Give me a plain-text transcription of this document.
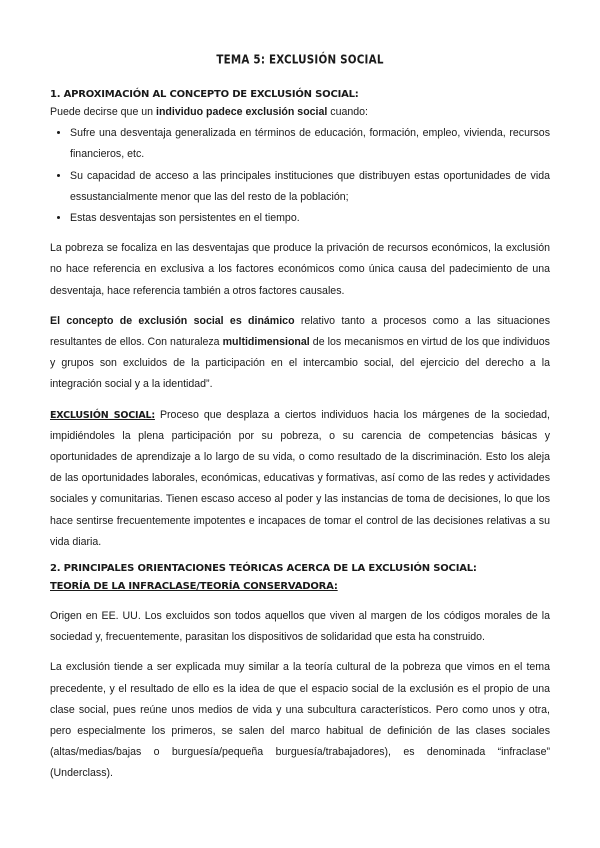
TEMA 5: EXCLUSIÓN SOCIAL
1. APROXIMACIÓN AL CONCEPTO DE EXCLUSIÓN SOCIAL:

Puede decirse que un individuo padece exclusión social cuando:

• Sufre una desventaja generalizada en términos de educación, formación, empleo, vivienda, recursos financieros, etc.
• Su capacidad de acceso a las principales instituciones que distribuyen estas oportunidades de vida essustancialmente menor que las del resto de la población;
• Estas desventajas son persistentes en el tiempo.

La pobreza se focaliza en las desventajas que produce la privación de recursos económicos, la exclusión no hace referencia en exclusiva a los factores económicos como única causa del padecimiento de una desventaja, hace referencia también a otros factores causales.

El concepto de exclusión social es dinámico relativo tanto a procesos como a las situaciones resultantes de ellos. Con naturaleza multidimensional de los mecanismos en virtud de los que individuos y grupos son excluidos de la participación en el intercambio social, del ejercicio del derecho a la integración social y a la identidad”.

EXCLUSIÓN SOCIAL: Proceso que desplaza a ciertos individuos hacia los márgenes de la sociedad, impidiéndoles la plena participación por su pobreza, o su carencia de competencias básicas y oportunidades de aprendizaje a lo largo de su vida, o como resultado de la discriminación. Esto los aleja de las oportunidades laborales, económicas, educativas y formativas, así como de las redes y actividades sociales y comunitarias. Tienen escaso acceso al poder y las instancias de toma de decisiones, lo que los hace sentirse frecuentemente impotentes e incapaces de tomar el control de las decisiones relativas a su vida diaria.

2. PRINCIPALES ORIENTACIONES TEÓRICAS ACERCA DE LA EXCLUSIÓN SOCIAL:
TEORÍA DE LA INFRACLASE/TEORÍA CONSERVADORA:

Origen en EE. UU. Los excluidos son todos aquellos que viven al margen de los códigos morales de la sociedad y, frecuentemente, parasitan los dispositivos de solidaridad que esta ha construido.

La exclusión tiende a ser explicada muy similar a la teoría cultural de la pobreza que vimos en el tema precedente, y el resultado de ello es la idea de que el espacio social de la exclusión es el propio de una clase social, pues reúne unos medios de vida y una subcultura característicos. Pero como unos y otra, pero especialmente los primeros, se salen del marco habitual de definición de las clases sociales (altas/medias/bajas o burguesía/pequeña burguesía/trabajadores), es denominada “infraclase” (Underclass).
